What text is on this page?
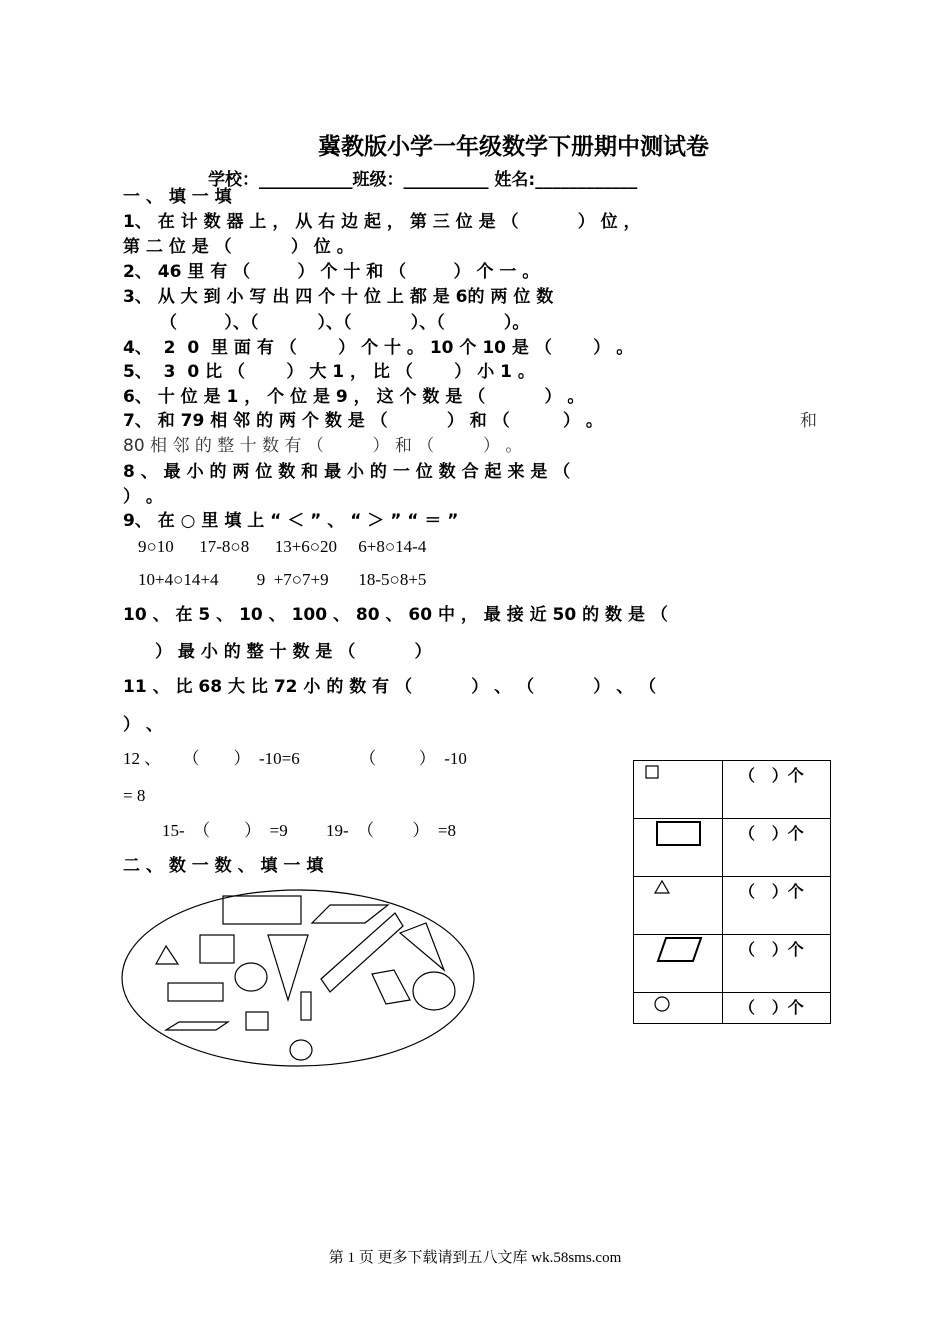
冀教版小学一年级数学下册期中测试卷
学校：___________班级：__________ 姓名:____________
一 、 填 一 填
1、 在 计 数 器 上 ， 从 右 边 起 ， 第 三 位 是 （          ） 位 ，
第 二 位 是 （          ） 位 。
2、 46 里 有 （        ） 个 十 和 （        ） 个 一 。
3、 从 大 到 小 写 出 四 个 十 位 上 都 是 6的 两 位 数
（        ）、（          ）、（          ）、（          ）。
4、  2  0  里 面 有 （       ） 个 十 。 10 个 10 是 （       ） 。
5、  3  0 比 （       ） 大 1 ， 比 （       ） 小 1 。
6、 十 位 是 1 ， 个 位 是 9 ， 这 个 数 是 （          ） 。
7、 和 79 相 邻 的 两 个 数 是 （          ） 和 （         ） 。	和
80 相 邻 的 整 十 数 有 （         ） 和 （         ） 。
8 、 最 小 的 两 位 数 和 最 小 的 一 位 数 合 起 来 是 （
） 。
9、 在 ○ 里 填 上 “ ＜ ” 、 “ ＞ ” “ ＝ ”
9○10      17-8○8      13+6○20     6+8○14-4
10+4○14+4         9  +7○7+9       18-5○8+5
10 、 在 5 、 10 、 100 、 80 、 60 中 ， 最 接 近 50 的 数 是 （
） 最 小 的 整 十 数 是 （          ）
11 、 比 68 大 比 72 小 的 数 有 （          ） 、 （          ） 、 （
） 、
12 、     （        ）  -10=6              （          ）  -10
= 8
15-  （        ）  =9         19-  （         ）  =8
二 、 数 一 数 、 填 一 填
	（   ）个

	（   ）个

	（   ）个

	（   ）个

	（   ）个
第 1 页 更多下载请到五八文库 wk.58sms.com
